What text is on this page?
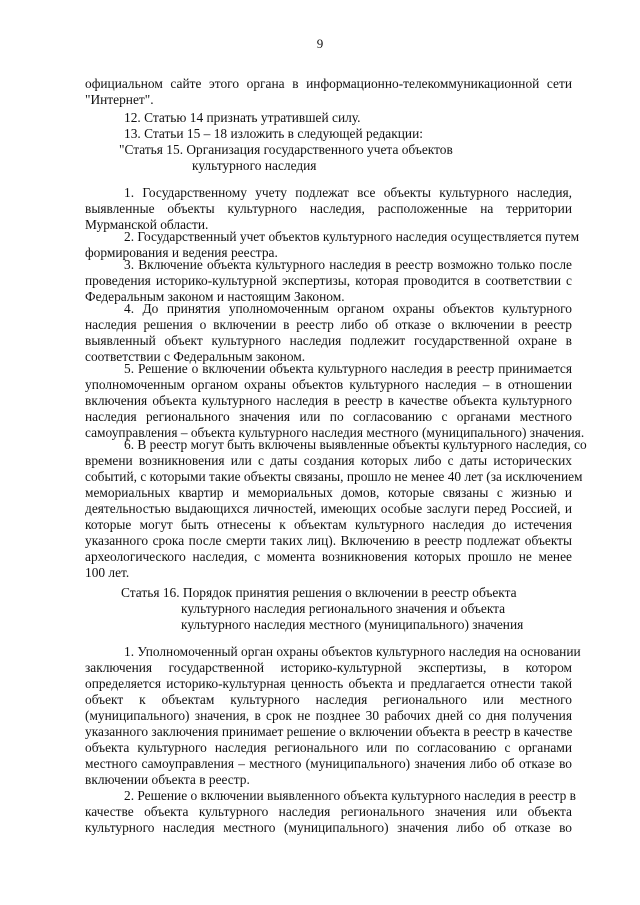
9
официальном сайте этого органа в информационно-телекоммуникационной сети
"Интернет".
12. Статью 14 признать утратившей силу.
13. Статьи 15 – 18 изложить в следующей редакции:
"Статья 15. Организация государственного учета объектов
культурного наследия
1. Государственному учету подлежат все объекты культурного наследия,
выявленные объекты культурного наследия, расположенные на территории
Мурманской области.
2. Государственный учет объектов культурного наследия осуществляется путем
формирования и ведения реестра.
3. Включение объекта культурного наследия в реестр возможно только после
проведения историко-культурной экспертизы, которая проводится в соответствии с
Федеральным законом и настоящим Законом.
4. До принятия уполномоченным органом охраны объектов культурного
наследия решения о включении в реестр либо об отказе о включении в реестр
выявленный объект культурного наследия подлежит государственной охране в
соответствии с Федеральным законом.
5. Решение о включении объекта культурного наследия в реестр принимается
уполномоченным органом охраны объектов культурного наследия – в отношении
включения объекта культурного наследия в реестр в качестве объекта культурного
наследия регионального значения или по согласованию с органами местного
самоуправления – объекта культурного наследия местного (муниципального) значения.
6. В реестр могут быть включены выявленные объекты культурного наследия, со
времени возникновения или с даты создания которых либо с даты исторических
событий, с которыми такие объекты связаны, прошло не менее 40 лет (за исключением
мемориальных квартир и мемориальных домов, которые связаны с жизнью и
деятельностью выдающихся личностей, имеющих особые заслуги перед Россией, и
которые могут быть отнесены к объектам культурного наследия до истечения
указанного срока после смерти таких лиц). Включению в реестр подлежат объекты
археологического наследия, с момента возникновения которых прошло не менее
100 лет.
Статья 16. Порядок принятия решения о включении в реестр объекта
культурного наследия регионального значения и объекта
культурного наследия местного (муниципального) значения
1. Уполномоченный орган охраны объектов культурного наследия на основании
заключения государственной историко-культурной экспертизы, в котором
определяется историко-культурная ценность объекта и предлагается отнести такой
объект к объектам культурного наследия регионального или местного
(муниципального) значения, в срок не позднее 30 рабочих дней со дня получения
указанного заключения принимает решение о включении объекта в реестр в качестве
объекта культурного наследия регионального или по согласованию с органами
местного самоуправления – местного (муниципального) значения либо об отказе во
включении объекта в реестр.
2. Решение о включении выявленного объекта культурного наследия в реестр в
качестве объекта культурного наследия регионального значения или объекта
культурного наследия местного (муниципального) значения либо об отказе во
